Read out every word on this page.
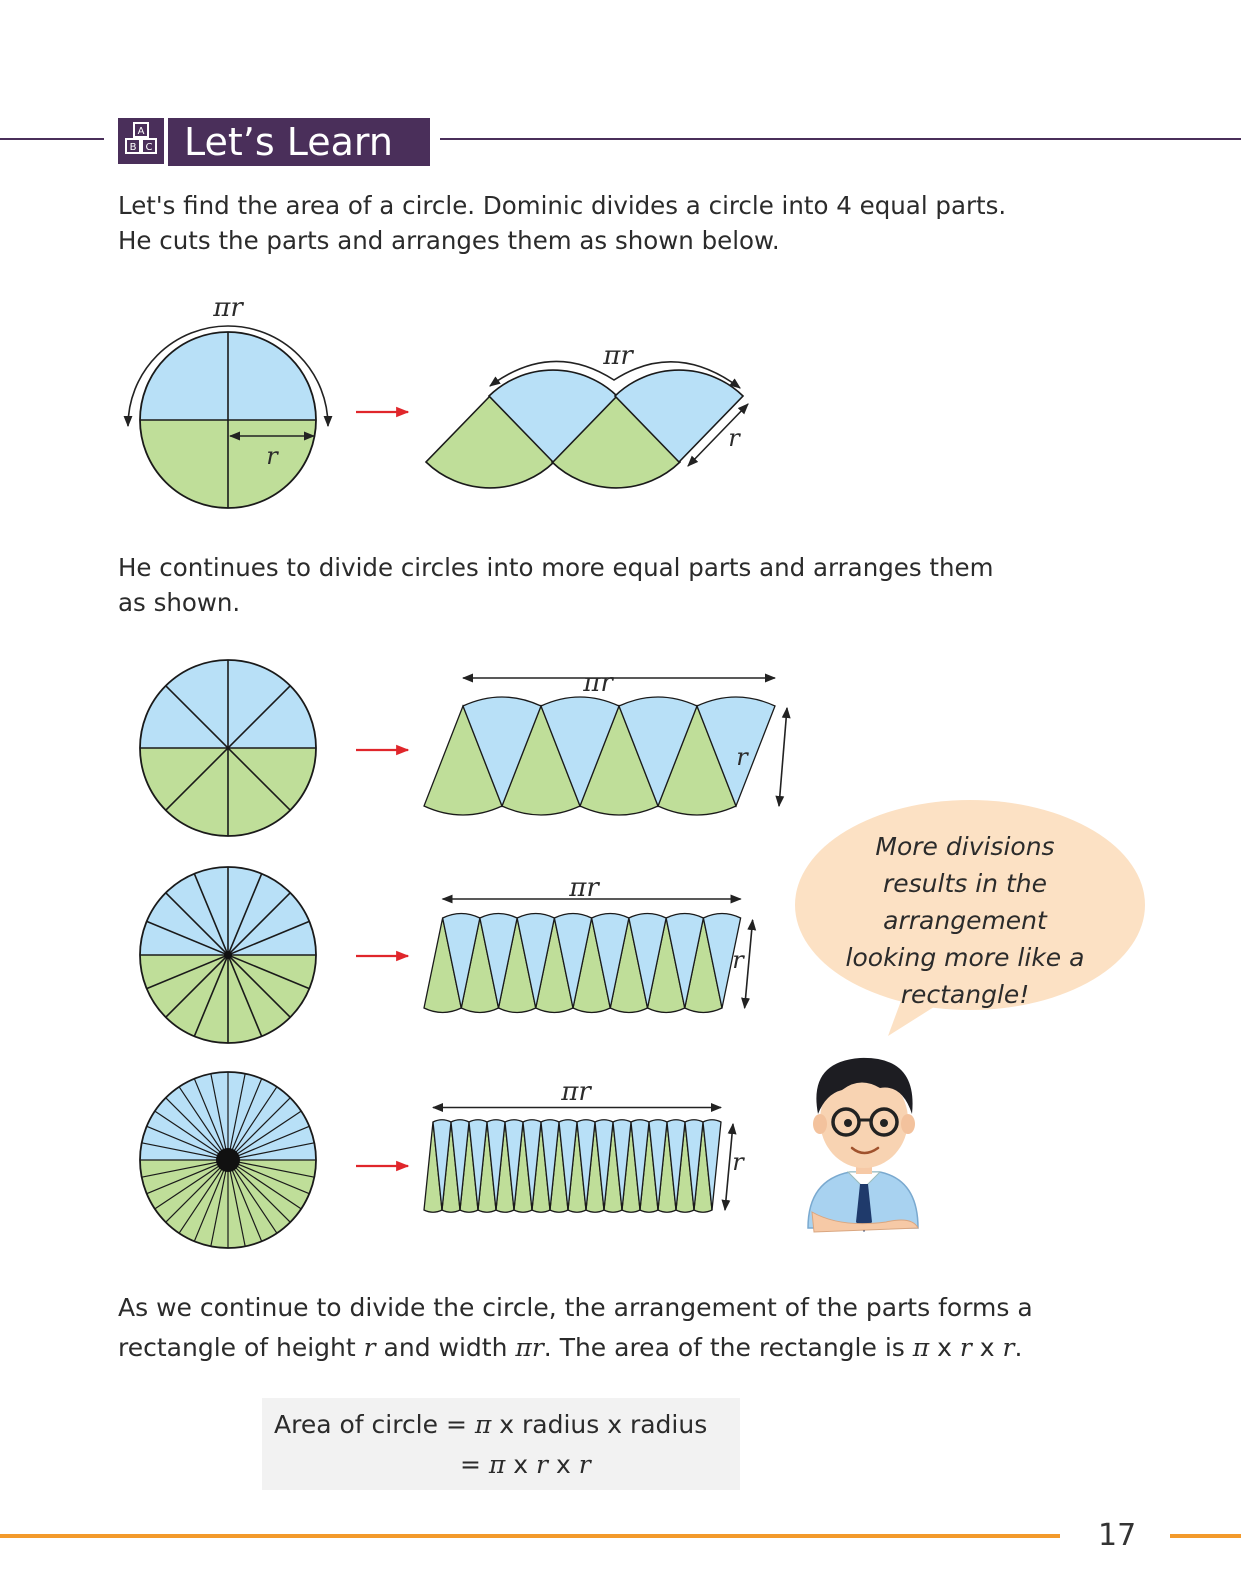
A
B C Let’s Learn
Let's find the area of a circle. Dominic divides a circle into 4 equal parts.
He cuts the parts and arranges them as shown below.
He continues to divide circles into more equal parts and arranges them
as shown.
πr
r
πr
r
πr
r
πr
r
πr
r
More divisions
results in the arrangement
looking more like a
rectangle!
As we continue to divide the circle, the arrangement of the parts forms a
rectangle of height r and width πr. The area of the rectangle is π x r x r.
Area of circle = π x radius x radius
= π x r x r
17
